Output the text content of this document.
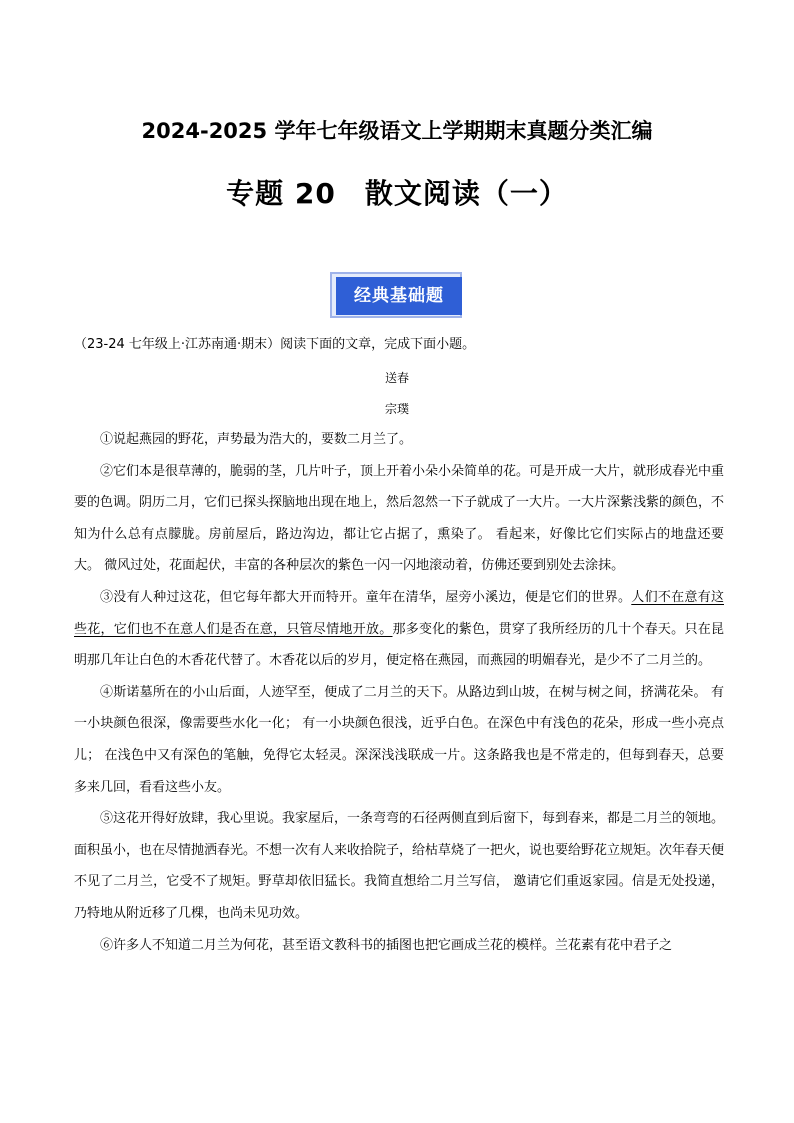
2024-2025 学年七年级语文上学期期末真题分类汇编
专题 20　散文阅读（一）
经典基础题
（23-24 七年级上·江苏南通·期末）阅读下面的文章，完成下面小题。
送春
宗璞

①说起燕园的野花，声势最为浩大的，要数二月兰了。

②它们本是很草薄的，脆弱的茎，几片叶子，顶上开着小朵小朵简单的花。可是开成一大片，就形成春光中重要的色调。阴历二月，它们已探头探脑地出现在地上，然后忽然一下子就成了一大片。一大片深紫浅紫的颜色，不知为什么总有点朦胧。房前屋后，路边沟边，都让它占据了，熏染了。 看起来，好像比它们实际占的地盘还要大。 微风过处，花面起伏，丰富的各种层次的紫色一闪一闪地滚动着，仿佛还要到别处去涂抹。

③没有人种过这花，但它每年都大开而特开。童年在清华，屋旁小溪边，便是它们的世界。人们不在意有这些花，它们也不在意人们是否在意，只管尽情地开放。那多变化的紫色，贯穿了我所经历的几十个春天。只在昆明那几年让白色的木香花代替了。木香花以后的岁月，便定格在燕园，而燕园的明媚春光，是少不了二月兰的。

④斯诺墓所在的小山后面，人迹罕至，便成了二月兰的天下。从路边到山坡，在树与树之间，挤满花朵。 有一小块颜色很深，像需要些水化一化； 有一小块颜色很浅，近乎白色。在深色中有浅色的花朵，形成一些小亮点儿； 在浅色中又有深色的笔触，免得它太轻灵。深深浅浅联成一片。这条路我也是不常走的，但每到春天，总要多来几回，看看这些小友。

⑤这花开得好放肆，我心里说。我家屋后，一条弯弯的石径两侧直到后窗下，每到春来，都是二月兰的领地。面积虽小，也在尽情抛洒春光。不想一次有人来收拾院子，给枯草烧了一把火，说也要给野花立规矩。次年春天便不见了二月兰，它受不了规矩。野草却依旧猛长。我简直想给二月兰写信， 邀请它们重返家园。信是无处投递，乃特地从附近移了几棵，也尚未见功效。

⑥许多人不知道二月兰为何花，甚至语文教科书的插图也把它画成兰花的模样。兰花素有花中君子之
